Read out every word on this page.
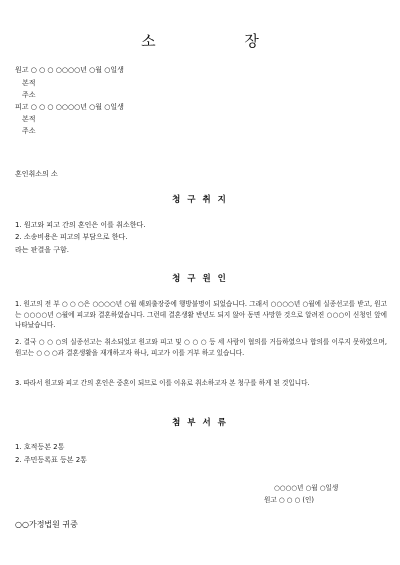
소 장
원고 ○ ○ ○ ○○○○년 ○월 ○일생
본적
주소
피고 ○ ○ ○ ○○○○년 ○월 ○일생
본적
주소
혼인취소의 소
청 구 취 지
1. 원고와 피고 간의 혼인은 이를 취소한다.
2. 소송비용은 피고의 부담으로 한다.
라는 판결을 구함.
청 구 원 인
1. 원고의 전 부 ○ ○ ○은 ○○○○년 ○월 해외출장중에 행방불명이 되었습니다. 그래서 ○○○○년 ○월에 실종선고를 받고, 원고는 ○○○○년 ○월에 피고와 결혼하였습니다. 그런데 결혼생활 반년도 되지 않아 동면 사망한 것으로 알려진 ○○○이 신청인 앞에 나타났습니다.
2. 결국 ○ ○ ○의 실종선고는 취소되었고 원고와 피고 및 ○ ○ ○ 등 세 사람이 협의를 거듭하였으나 합의를 이루지 못하였으며, 원고는 ○ ○ ○과 결혼생활을 재개하고자 하나, 피고가 이를 거부 하고 있습니다.
3. 따라서 원고와 피고 간의 혼인은 중혼이 되므로 이를 이유로 취소하고자 본 청구를 하게 된 것입니다.
첨 부 서 류
1. 호적등본 2통
2. 주민등록표 등본 2통
○○○○년 ○월 ○일생
원고 ○ ○ ○ (인)
○○가정법원 귀중
